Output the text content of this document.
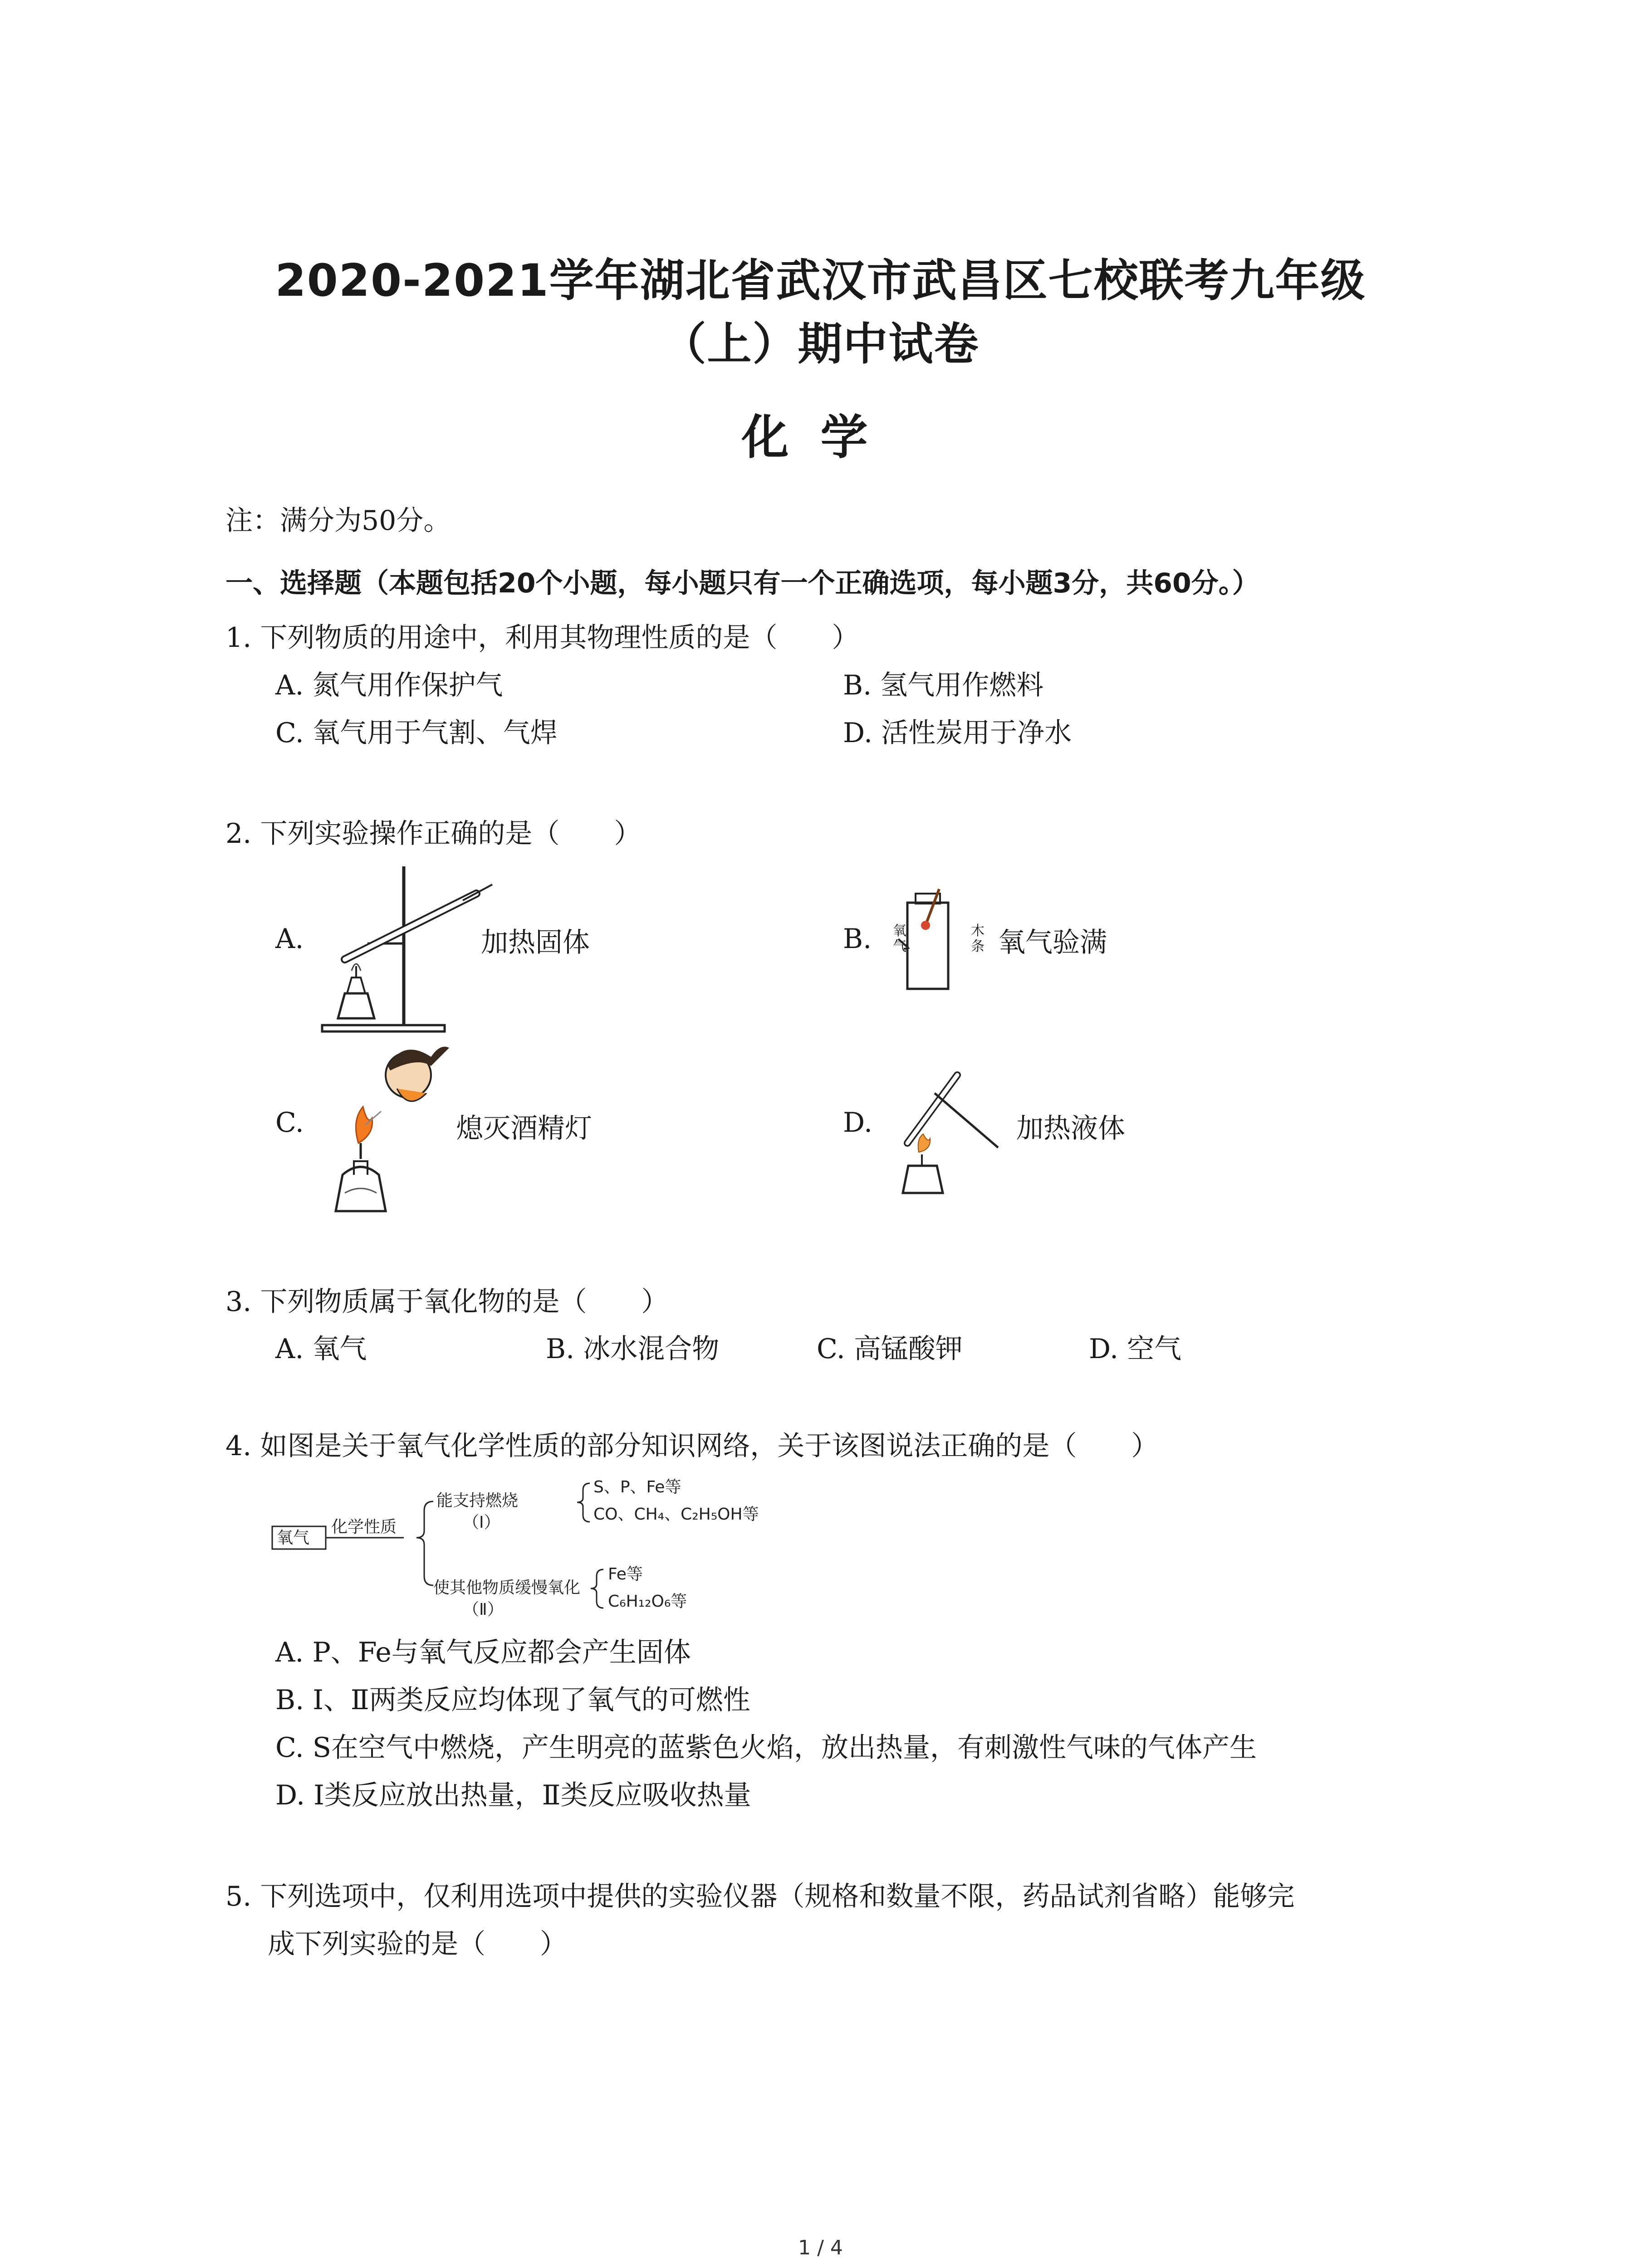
2020-2021学年湖北省武汉市武昌区七校联考九年级
（上）期中试卷
化学
注：满分为50分。
一、选择题（本题包括20个小题，每小题只有一个正确选项，每小题3分，共60分。）
1. 下列物质的用途中，利用其物理性质的是（　　）
A. 氮气用作保护气	B. 氢气用作燃料
C. 氧气用于气割、气焊	D. 活性炭用于净水
2. 下列实验操作正确的是（　　）
A.	加热固体	B. 氧气
木条 氧气验满
C.	熄灭酒精灯	D.	加热液体
3. 下列物质属于氧化物的是（　　）
A. 氧气	B. 冰水混合物	C. 高锰酸钾	D. 空气
4. 如图是关于氧气化学性质的部分知识网络，关于该图说法正确的是（　　）
氧气
化学性质
能支持燃烧
（Ⅰ）
S、P、Fe等
CO、CH₄、C₂H₅OH等
使其他物质缓慢氧化
（Ⅱ）
Fe等
C₆H₁₂O₆等
A. P、Fe与氧气反应都会产生固体
B. Ⅰ、Ⅱ两类反应均体现了氧气的可燃性
C. S在空气中燃烧，产生明亮的蓝紫色火焰，放出热量，有刺激性气味的气体产生
D. Ⅰ类反应放出热量，Ⅱ类反应吸收热量
5. 下列选项中，仅利用选项中提供的实验仪器（规格和数量不限，药品试剂省略）能够完
成下列实验的是（　　）
1 / 4
